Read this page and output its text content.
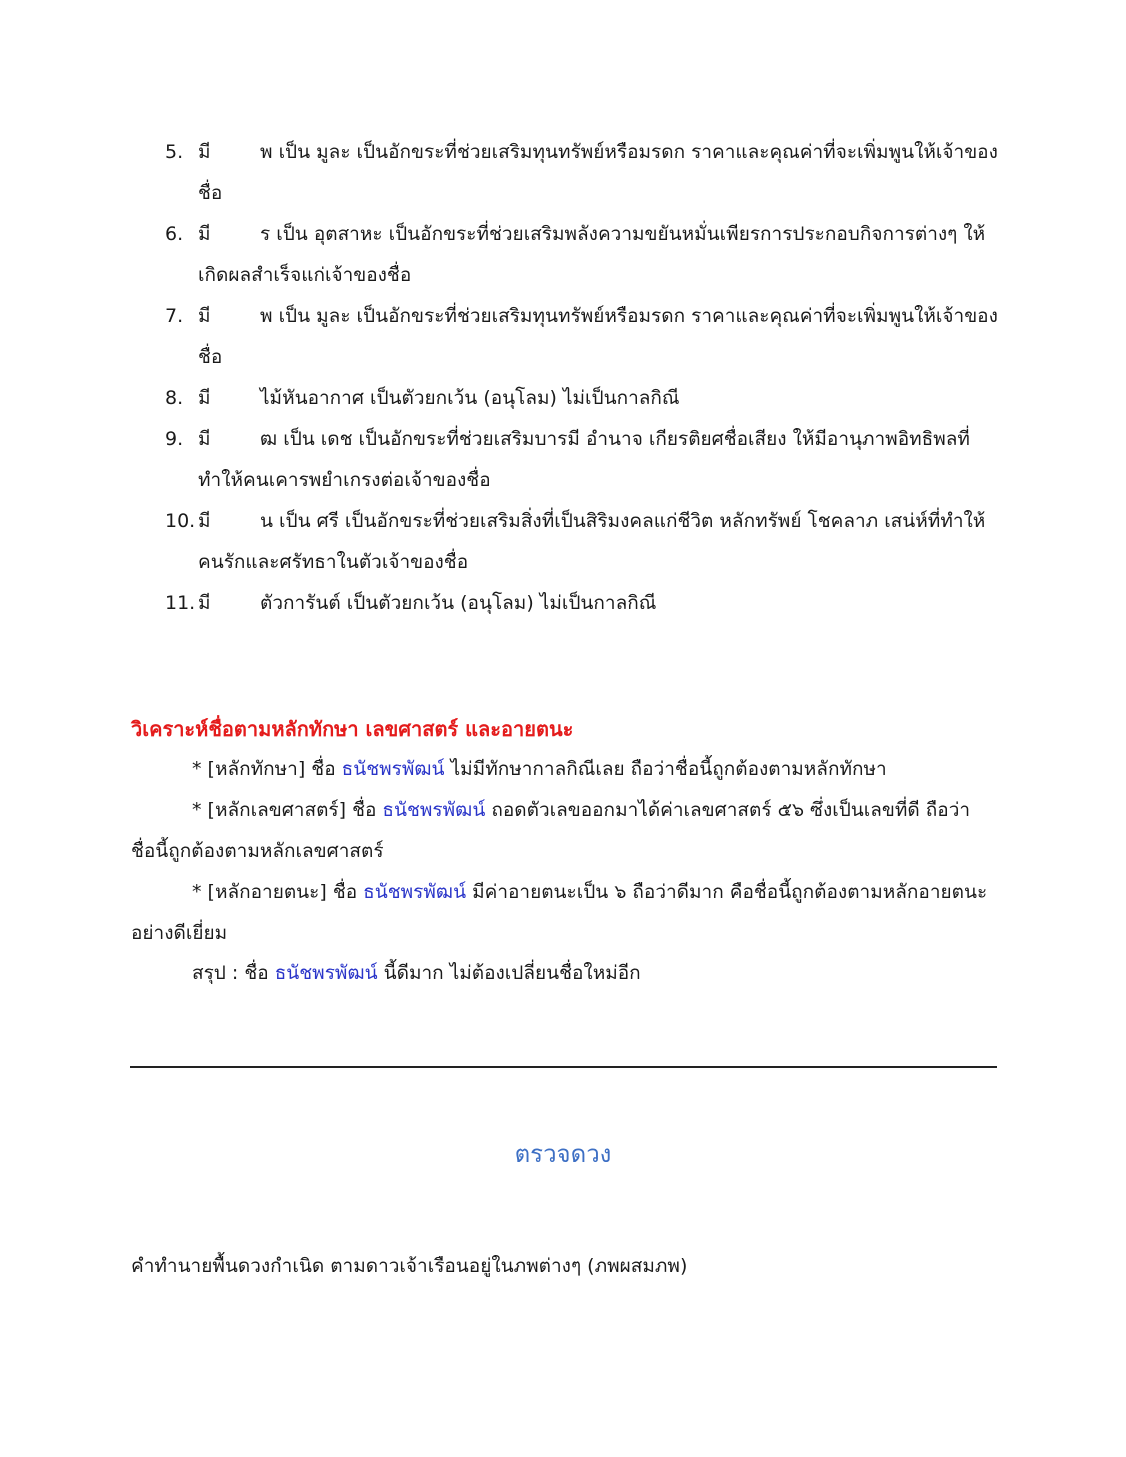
5. มี	พ เป็น มูละ เป็นอักขระที่ช่วยเสริมทุนทรัพย์หรือมรดก ราคาและคุณค่าที่จะเพิ่มพูนให้เจ้าของชื่อ
6. มี	ร เป็น อุตสาหะ เป็นอักขระที่ช่วยเสริมพลังความขยันหมั่นเพียรการประกอบกิจการต่างๆ ให้เกิดผลสำเร็จแก่เจ้าของชื่อ
7. มี	พ เป็น มูละ เป็นอักขระที่ช่วยเสริมทุนทรัพย์หรือมรดก ราคาและคุณค่าที่จะเพิ่มพูนให้เจ้าของชื่อ
8. มี	ไม้หันอากาศ เป็นตัวยกเว้น (อนุโลม) ไม่เป็นกาลกิณี
9. มี	ฒ เป็น เดช เป็นอักขระที่ช่วยเสริมบารมี อำนาจ เกียรติยศชื่อเสียง ให้มีอานุภาพอิทธิพลที่ทำให้คนเคารพยำเกรงต่อเจ้าของชื่อ
10. มี	น เป็น ศรี เป็นอักขระที่ช่วยเสริมสิ่งที่เป็นสิริมงคลแก่ชีวิต หลักทรัพย์ โชคลาภ เสน่ห์ที่ทำให้คนรักและศรัทธาในตัวเจ้าของชื่อ
11. มี	ตัวการันต์ เป็นตัวยกเว้น (อนุโลม) ไม่เป็นกาลกิณี
วิเคราะห์ชื่อตามหลักทักษา เลขศาสตร์ และอายตนะ

* [หลักทักษา] ชื่อ ธนัชพรพัฒน์ ไม่มีทักษากาลกิณีเลย ถือว่าชื่อนี้ถูกต้องตามหลักทักษา

* [หลักเลขศาสตร์] ชื่อ ธนัชพรพัฒน์ ถอดตัวเลขออกมาได้ค่าเลขศาสตร์ ๕๖ ซึ่งเป็นเลขที่ดี ถือว่าชื่อนี้ถูกต้องตามหลักเลขศาสตร์

* [หลักอายตนะ] ชื่อ ธนัชพรพัฒน์ มีค่าอายตนะเป็น ๖ ถือว่าดีมาก คือชื่อนี้ถูกต้องตามหลักอายตนะอย่างดีเยี่ยม

สรุป : ชื่อ ธนัชพรพัฒน์ นี้ดีมาก ไม่ต้องเปลี่ยนชื่อใหม่อีก

ตรวจดวง
คำทำนายพื้นดวงกำเนิด ตามดาวเจ้าเรือนอยู่ในภพต่างๆ (ภพผสมภพ)
